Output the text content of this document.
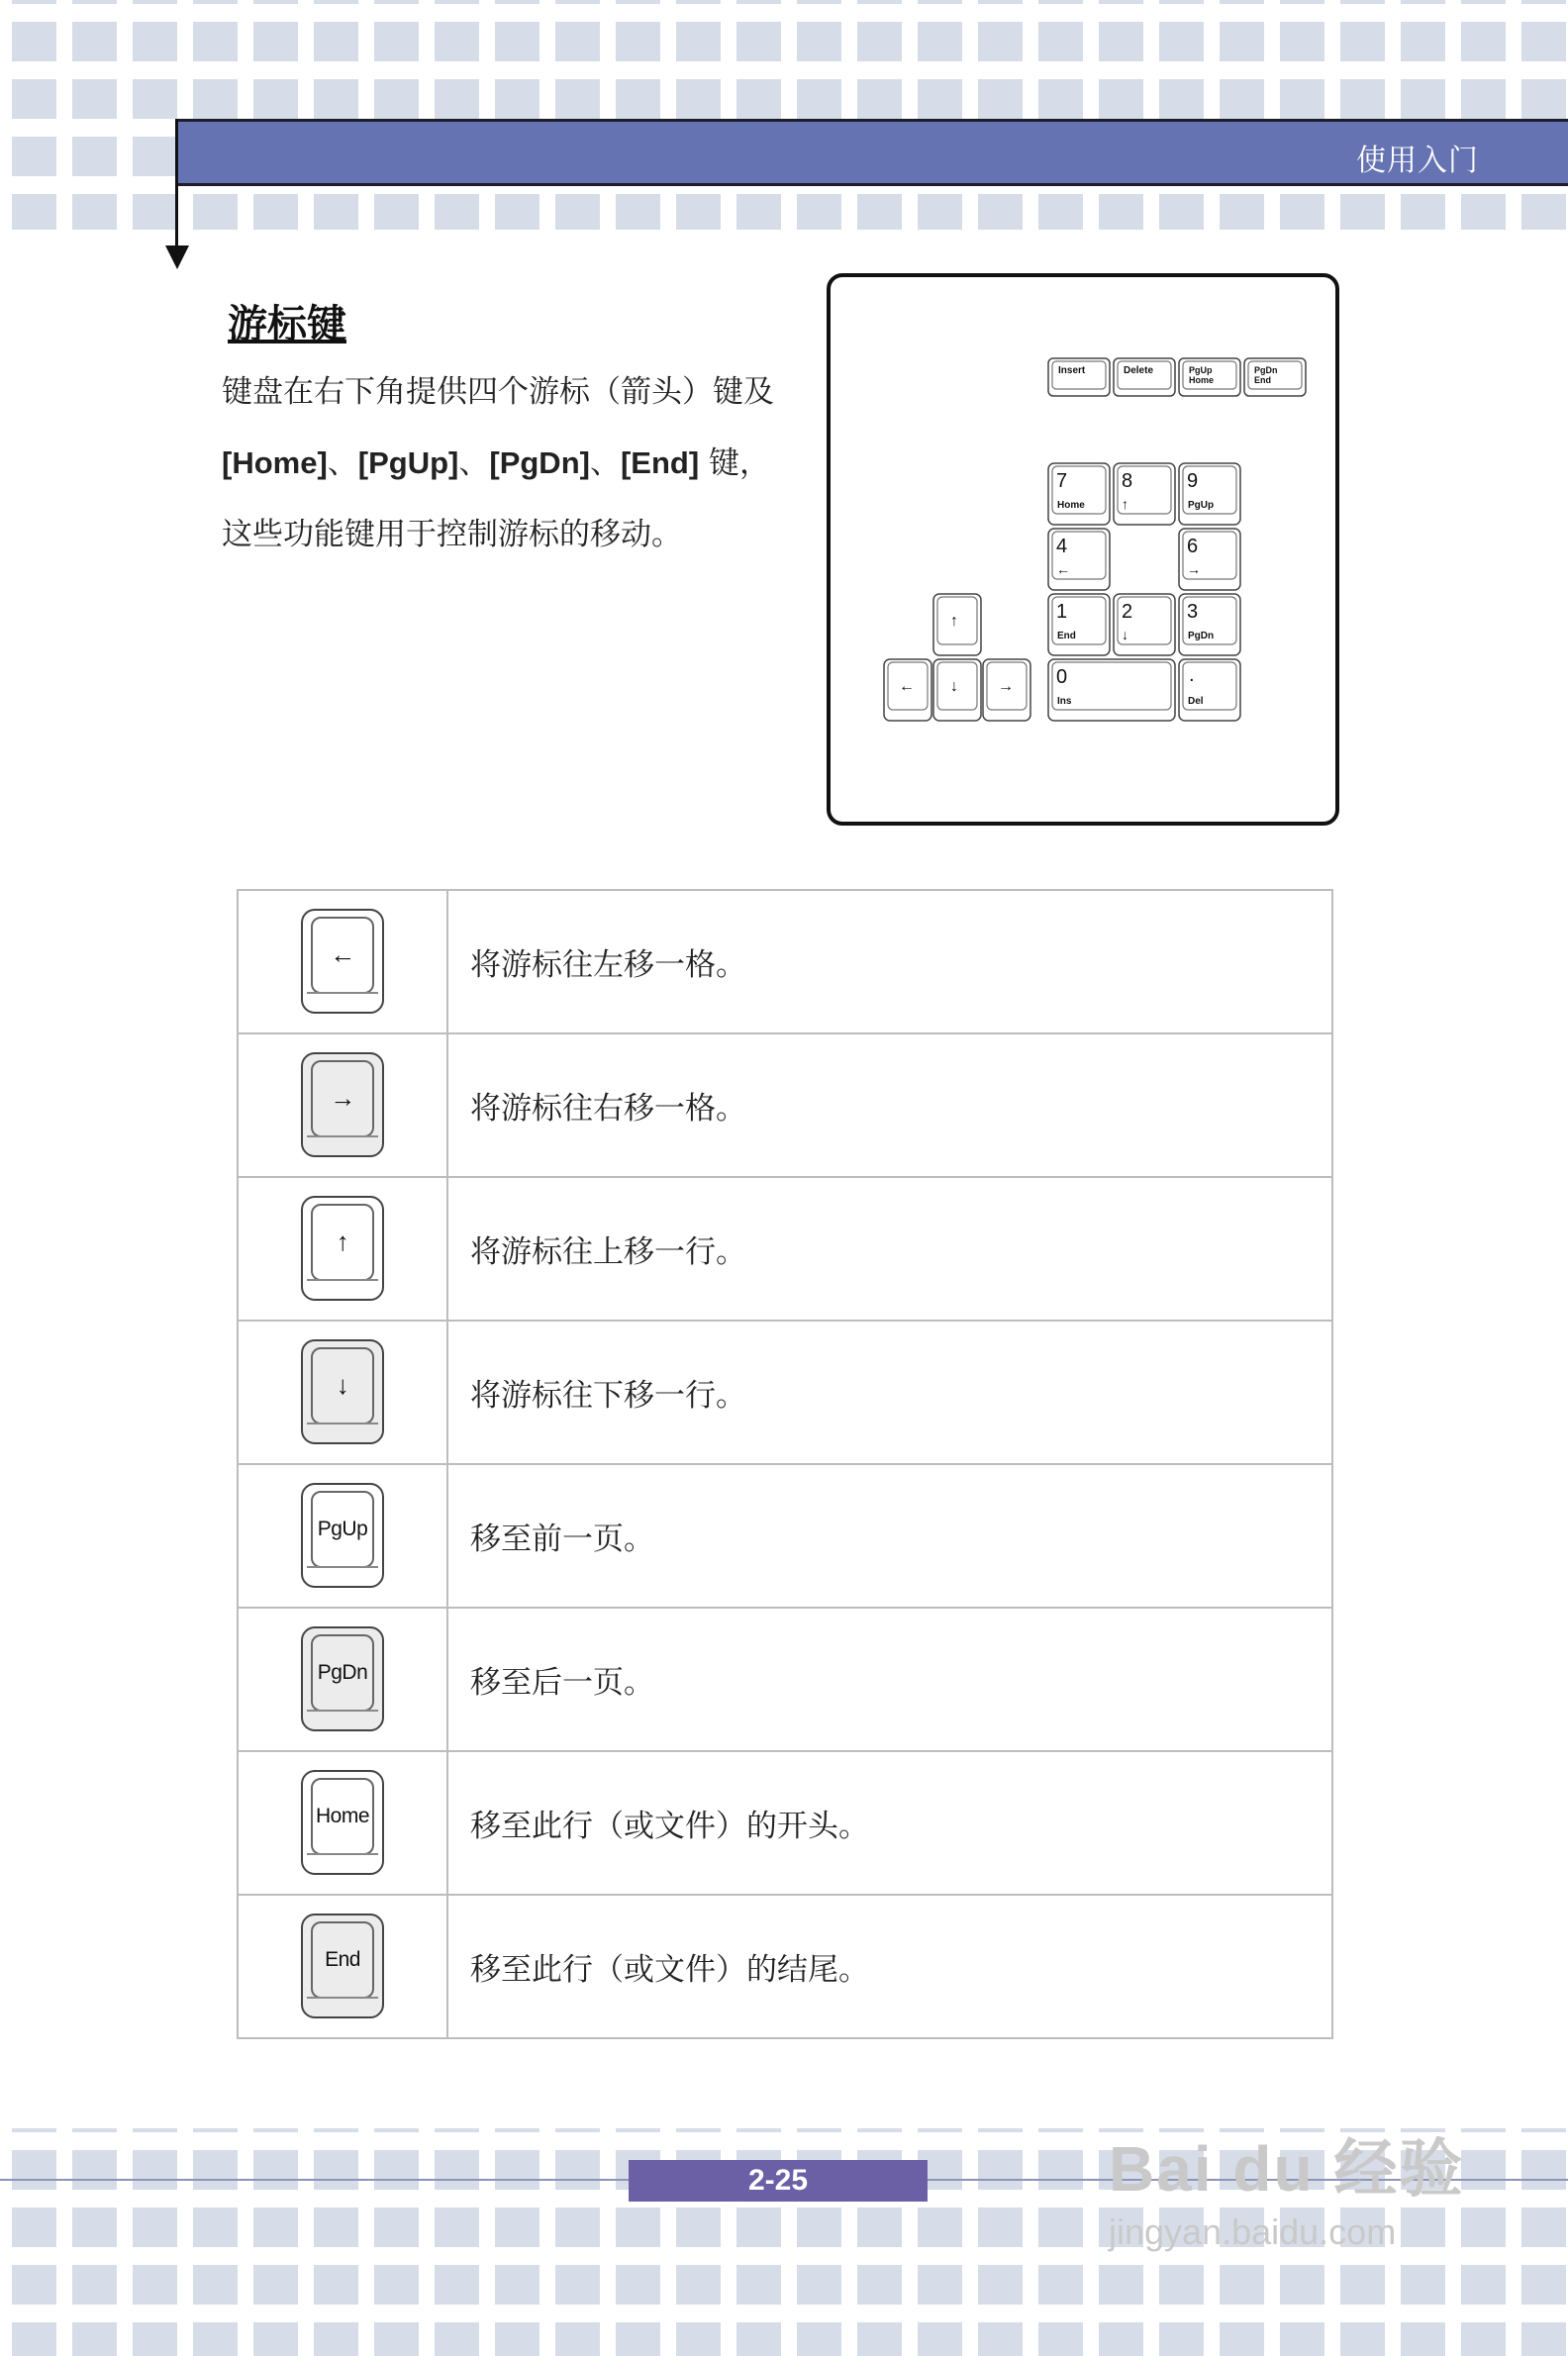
使用入门
游标键
键盘在右下角提供四个游标（箭头）键及
[Home]、[PgUp]、[PgDn]、[End] 键，
这些功能键用于控制游标的移动。
Insert	Delete	PgUp
Home
PgDn
End
7
Home
8
↑
9
PgUp
4
←
6
→
1
End
2
↓
3
PgDn
0
Ins
.
Del
↑
← ↓	→
←	将游标往左移一格。

→	将游标往右移一格。

↑	将游标往上移一行。

↓	将游标往下移一行。

PgUp	移至前一页。

PgDn	移至后一页。

Home	移至此行（或文件）的开头。

End	移至此行（或文件）的结尾。
2-25	Bai du 经验
jingyan.baidu.com
